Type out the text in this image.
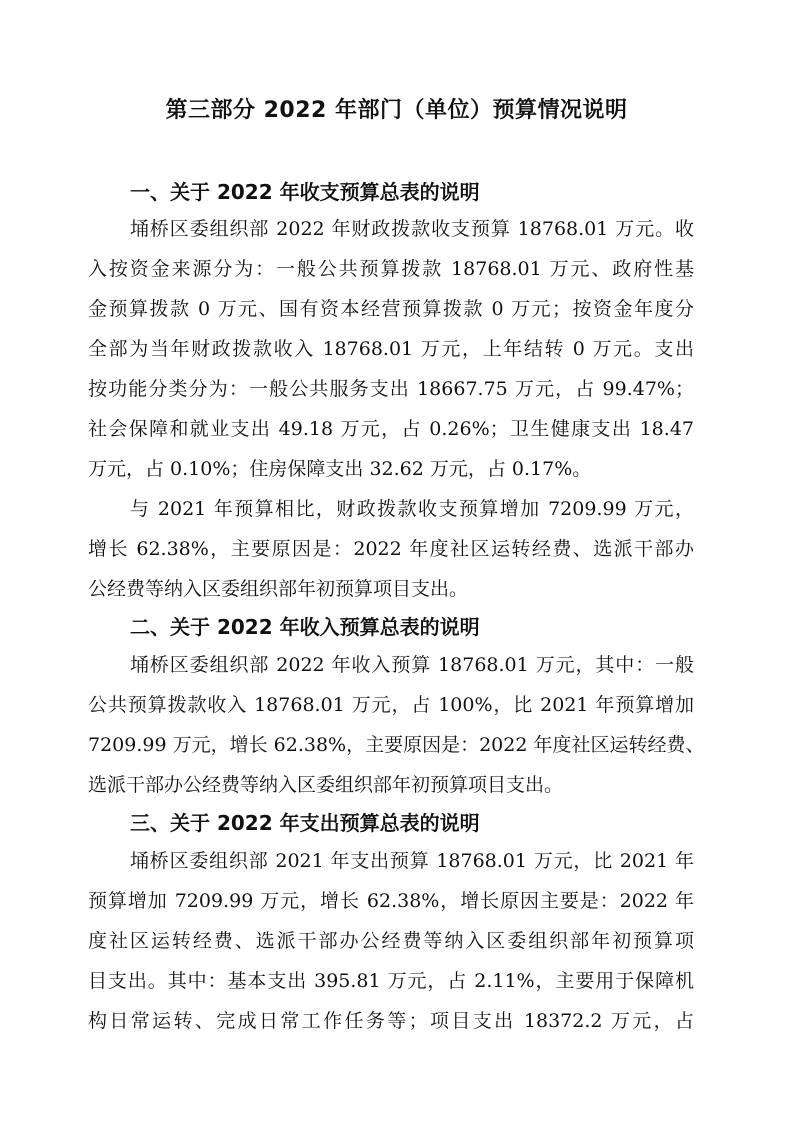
第三部分 2022 年部门（单位）预算情况说明
一、关于 2022 年收支预算总表的说明
埇桥区委组织部 2022 年财政拨款收支预算 18768.01 万元。收
入按资金来源分为：一般公共预算拨款 18768.01 万元、政府性基
金预算拨款 0 万元、国有资本经营预算拨款 0 万元；按资金年度分
全部为当年财政拨款收入 18768.01 万元，上年结转 0 万元。支出
按功能分类分为：一般公共服务支出 18667.75 万元，占 99.47%；
社会保障和就业支出 49.18 万元，占 0.26%；卫生健康支出 18.47
万元，占 0.10%；住房保障支出 32.62 万元，占 0.17%。
与 2021 年预算相比，财政拨款收支预算增加 7209.99 万元，
增长 62.38%，主要原因是：2022 年度社区运转经费、选派干部办
公经费等纳入区委组织部年初预算项目支出。
二、关于 2022 年收入预算总表的说明
埇桥区委组织部 2022 年收入预算 18768.01 万元，其中：一般
公共预算拨款收入 18768.01 万元，占 100%，比 2021 年预算增加
7209.99 万元，增长 62.38%，主要原因是：2022 年度社区运转经费、
选派干部办公经费等纳入区委组织部年初预算项目支出。
三、关于 2022 年支出预算总表的说明
埇桥区委组织部 2021 年支出预算 18768.01 万元，比 2021 年
预算增加 7209.99 万元，增长 62.38%，增长原因主要是：2022 年
度社区运转经费、选派干部办公经费等纳入区委组织部年初预算项
目支出。其中：基本支出 395.81 万元，占 2.11%，主要用于保障机
构日常运转、完成日常工作任务等；项目支出 18372.2 万元，占
